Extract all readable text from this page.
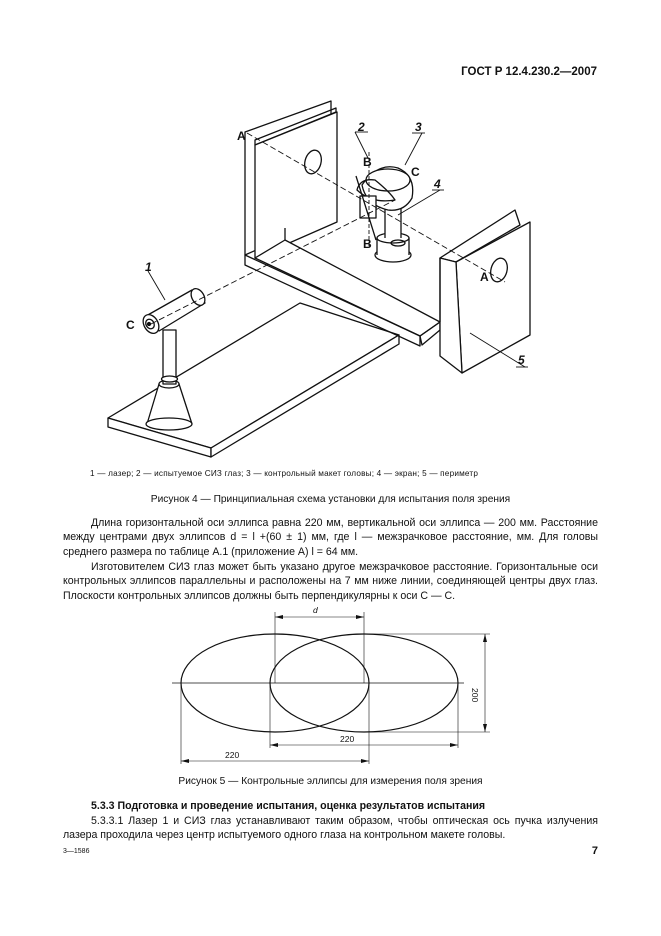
ГОСТ Р 12.4.230.2—2007
1
2	3
4
5
A
A
B
B
C
C
1 — лазер; 2 — испытуемое СИЗ глаз; 3 — контрольный макет головы; 4 — экран; 5 — периметр
Рисунок 4 — Принципиальная схема установки для испытания поля зрения

Длина горизонтальной оси эллипса равна 220 мм, вертикальной оси эллипса — 200 мм. Расстояние между центрами двух эллипсов d = l +(60 ± 1) мм, где l — межзрачковое расстояние, мм. Для головы среднего размера по таблице А.1 (приложение А) l = 64 мм.

Изготовителем СИЗ глаз может быть указано другое межзрачковое расстояние. Горизонтальные оси контрольных эллипсов параллельны и расположены на 7 мм ниже линии, соединяющей центры двух глаз. Плоскости контрольных эллипсов должны быть перпендикулярны к оси С — С.

d
200
220
220
Рисунок 5 — Контрольные эллипсы для измерения поля зрения
5.3.3 Подготовка и проведение испытания, оценка результатов испытания

5.3.3.1 Лазер 1 и СИЗ глаз устанавливают таким образом, чтобы оптическая ось пучка излучения лазера проходила через центр испытуемого одного глаза на контрольном макете головы.

3—1586	7
